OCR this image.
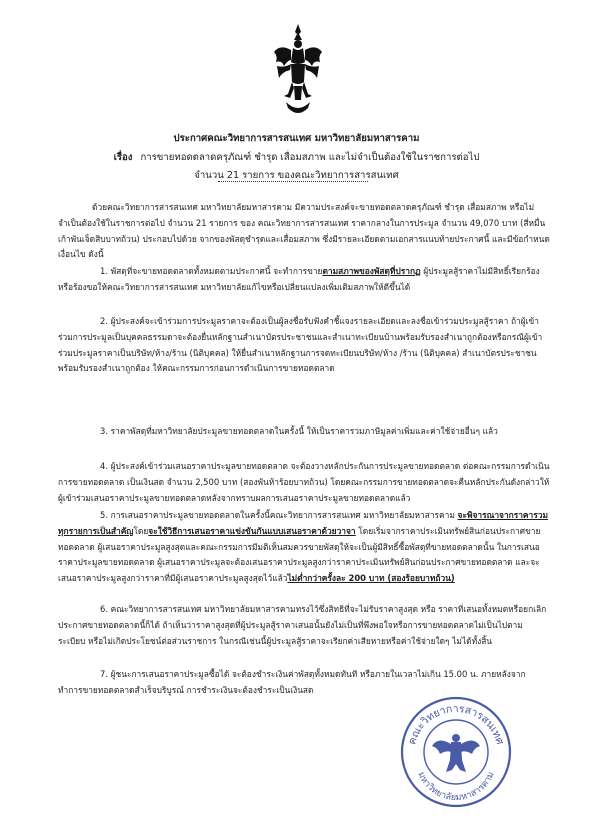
ประกาศคณะวิทยาการสารสนเทศ มหาวิทยาลัยมหาสารคาม
เรื่อง การขายทอดตลาดครุภัณฑ์ ชำรุด เสื่อมสภาพ และไม่จำเป็นต้องใช้ในราชการต่อไป
จำนวน 21 รายการ ของคณะวิทยาการสารสนเทศ
ด้วยคณะวิทยาการสารสนเทศ มหาวิทยาลัยมหาสารคาม มีความประสงค์จะขายทอดตลาดครุภัณฑ์ ชำรุด เสื่อมสภาพ หรือไม่จำเป็นต้องใช้ในราชการต่อไป จำนวน 21 รายการ ของ คณะวิทยาการสารสนเทศ ราคากลางในการประมูล จำนวน 49,070 บาท (สี่หมื่นเก้าพันเจ็ดสิบบาทถ้วน) ประกอบไปด้วย จากของพัสดุชำรุดและเสื่อมสภาพ ซึ่งมีรายละเอียดตามเอกสารแนบท้ายประกาศนี้ และมีข้อกำหนดเงื่อนไข ดังนี้
1. พัสดุที่จะขายทอดตลาดทั้งหมดตามประกาศนี้ จะทำการขายตามสภาพของพัสดุที่ปรากฏ ผู้ประมูลสู้ราคาไม่มีสิทธิ์เรียกร้อง หรือร้องขอให้คณะวิทยาการสารสนเทศ มหาวิทยาลัยแก้ไขหรือเปลี่ยนแปลงเพิ่มเติมสภาพให้ดีขึ้นได้
2. ผู้ประสงค์จะเข้าร่วมการประมูลราคาจะต้องเป็นผู้ลงชื่อรับฟังคำชี้แจงรายละเอียดและลงชื่อเข้าร่วมประมูลสู้ราคา ถ้าผู้เข้าร่วมการประมูลเป็นบุคคลธรรมดาจะต้องยื่นหลักฐานสำเนาบัตรประชาชนและสำเนาทะเบียนบ้านพร้อมรับรองสำเนาถูกต้องหรือกรณีผู้เข้าร่วมประมูลราคาเป็นบริษัท/ห้าง/ร้าน (นิติบุคคล) ให้ยื่นสำเนาหลักฐานการจดทะเบียนบริษัท/ห้าง /ร้าน (นิติบุคคล) สำเนาบัตรประชาชนพร้อมรับรองสำเนาถูกต้อง ให้คณะกรรมการก่อนการดำเนินการขายทอดตลาด
3. ราคาพัสดุที่มหาวิทยาลัยประมูลขายทอดตลาดในครั้งนี้ ให้เป็นราคารวมภาษีมูลค่าเพิ่มและค่าใช้จ่ายอื่นๆ แล้ว
4. ผู้ประสงค์เข้าร่วมเสนอราคาประมูลขายทอดตลาด จะต้องวางหลักประกันการประมูลขายทอดตลาด ต่อคณะกรรมการดำเนินการขายทอดตลาด เป็นเงินสด จำนวน 2,500 บาท (สองพันห้าร้อยบาทถ้วน) โดยคณะกรรมการขายทอดตลาดจะคืนหลักประกันดังกล่าวให้ผู้เข้าร่วมเสนอราคาประมูลขายทอดตลาดหลังจากทราบผลการเสนอราคาประมูลขายทอดตลาดแล้ว
5. การเสนอราคาประมูลขายทอดตลาดในครั้งนี้คณะวิทยาการสารสนเทศ มหาวิทยาลัยมหาสารคาม จะพิจารณาจากราคารวมทุกรายการเป็นสำคัญโดยจะใช้วิธีการเสนอราคาแข่งขันกันแบบเสนอราคาด้วยวาจา โดยเริ่มจากราคาประเมินทรัพย์สินก่อนประกาศขายทอดตลาด ผู้เสนอราคาประมูลสูงสุดและคณะกรรมการมีมติเห็นสมควรขายพัสดุให้จะเป็นผู้มีสิทธิ์ซื้อพัสดุที่ขายทอดตลาดนั้น ในการเสนอราคาประมูลขายทอดตลาด ผู้เสนอราคาประมูลจะต้องเสนอราคาประมูลสูงกว่าราคาประเมินทรัพย์สินก่อนประกาศขายทอดตลาด และจะเสนอราคาประมูลสูงกว่าราคาที่มีผู้เสนอราคาประมูลสูงสุดไว้แล้วไม่ต่ำกว่าครั้งละ 200 บาท (สองร้อยบาทถ้วน)
6. คณะวิทยาการสารสนเทศ มหาวิทยาลัยมหาสารคามทรงไว้ซึ่งสิทธิที่จะไม่รับราคาสูงสุด หรือ ราคาที่เสนอทั้งหมดหรือยกเลิกประกาศขายทอดตลาดนี้ก็ได้ ถ้าเห็นว่าราคาสูงสุดที่ผู้ประมูลสู้ราคาเสนอนั้นยังไม่เป็นที่พึงพอใจหรือการขายทอดตลาดไม่เป็นไปตามระเบียบ หรือไม่เกิดประโยชน์ต่อส่วนราชการ ในกรณีเช่นนี้ผู้ประมูลสู้ราคาจะเรียกค่าเสียหายหรือค่าใช้จ่ายใดๆ ไม่ได้ทั้งสิ้น
7. ผู้ชนะการเสนอราคาประมูลซื้อได้ จะต้องชำระเงินค่าพัสดุทั้งหมดทันที หรือภายในเวลาไม่เกิน 15.00 น. ภายหลังจากทำการขายทอดตลาดสำเร็จบริบูรณ์ การชำระเงินจะต้องชำระเป็นเงินสด
คณะวิทยาการสารสนเทศ
มหาวิทยาลัยมหาสารคาม
